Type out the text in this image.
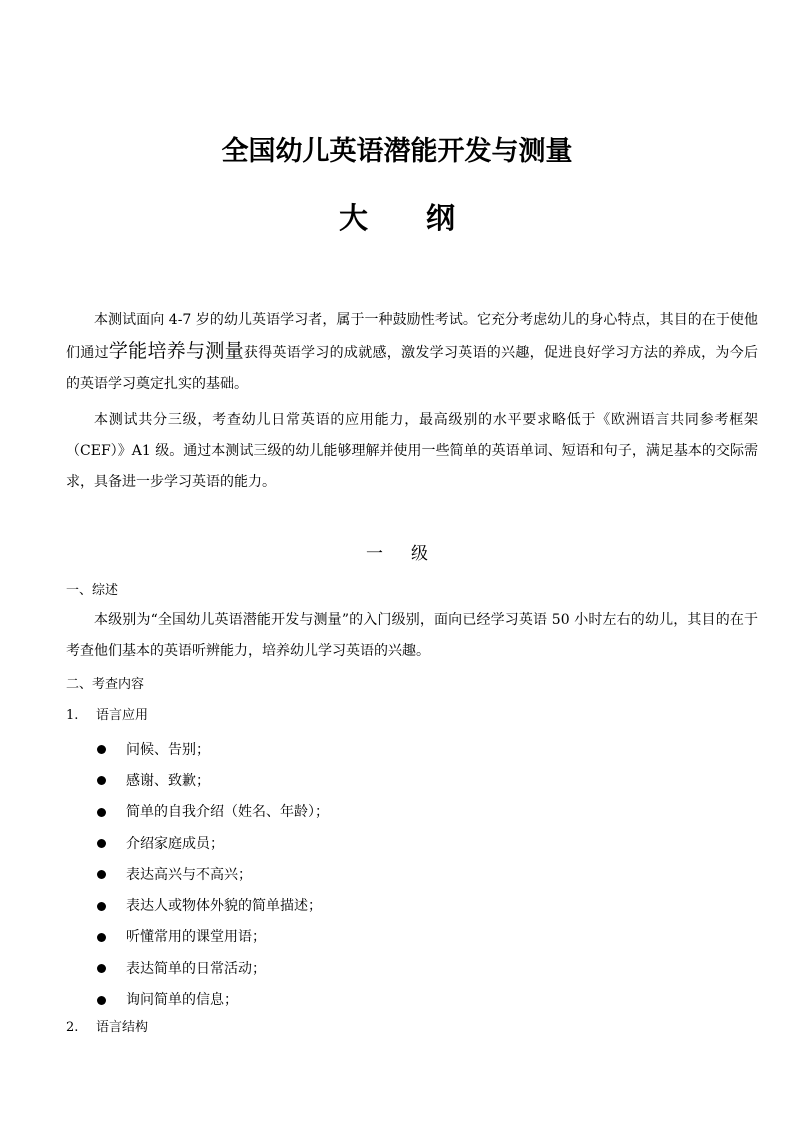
全国幼儿英语潜能开发与测量
大纲

本测试面向 4-7 岁的幼儿英语学习者，属于一种鼓励性考试。它充分考虑幼儿的身心特点，其目的在于使他们通过学能培养与测量获得英语学习的成就感，激发学习英语的兴趣，促进良好学习方法的养成，为今后的英语学习奠定扎实的基础。

本测试共分三级，考查幼儿日常英语的应用能力，最高级别的水平要求略低于《欧洲语言共同参考框架（CEF）》A1 级。通过本测试三级的幼儿能够理解并使用一些简单的英语单词、短语和句子，满足基本的交际需求，具备进一步学习英语的能力。

一级
一、综述

本级别为“全国幼儿英语潜能开发与测量”的入门级别，面向已经学习英语 50 小时左右的幼儿，其目的在于考查他们基本的英语听辨能力，培养幼儿学习英语的兴趣。

二、考查内容
1. 语言应用
问候、告别；
感谢、致歉；
简单的自我介绍（姓名、年龄）；
介绍家庭成员；
表达高兴与不高兴；
表达人或物体外貌的简单描述；
听懂常用的课堂用语；
表达简单的日常活动；
询问简单的信息；
2. 语言结构
